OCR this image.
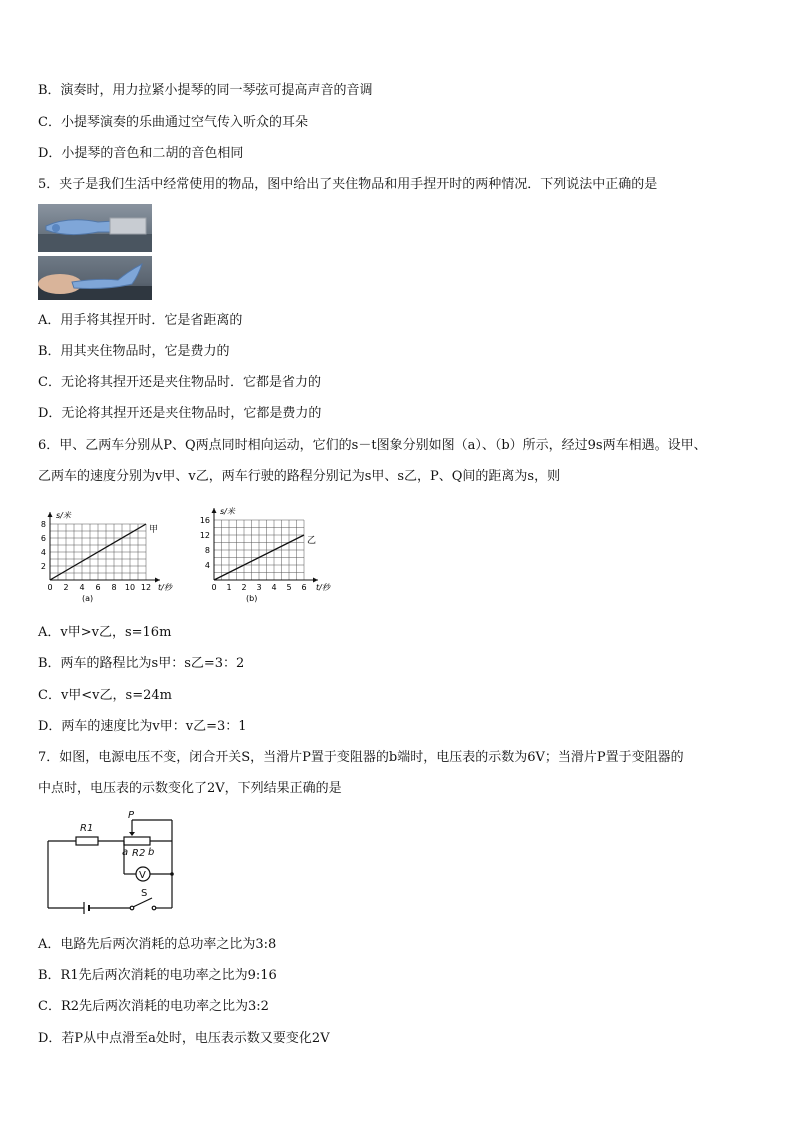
B．演奏时，用力拉紧小提琴的同一琴弦可提高声音的音调
C．小提琴演奏的乐曲通过空气传入听众的耳朵
D．小提琴的音色和二胡的音色相同
5．夹子是我们生活中经常使用的物品，图中给出了夹住物品和用手捏开时的两种情况．下列说法中正确的是
A．用手将其捏开时．它是省距离的
B．用其夹住物品时，它是费力的
C．无论将其捏开还是夹住物品时．它都是省力的
D．无论将其捏开还是夹住物品时，它都是费力的
6．甲、乙两车分别从P、Q两点同时相向运动，它们的s－t图象分别如图（a）、（b）所示，经过9s两车相遇。设甲、
乙两车的速度分别为v甲、v乙，两车行驶的路程分别记为s甲、s乙，P、Q间的距离为s，则
0 2 4 6 8 10 12
2
4
6
8
甲
s/米
t/秒
(a)
0 1 2 3 4 5 6
4
8
12
16
乙
s/米
t/秒
(b)
A．v甲>v乙，s=16m
B．两车的路程比为s甲：s乙=3：2
C．v甲<v乙，s=24m
D．两车的速度比为v甲：v乙=3：1
7．如图，电源电压不变，闭合开关S，当滑片P置于变阻器的b端时，电压表的示数为6V；当滑片P置于变阻器的
中点时，电压表的示数变化了2V，下列结果正确的是
R1
P
a R2 b
V
S
A．电路先后两次消耗的总功率之比为3:8
B．R1先后两次消耗的电功率之比为9:16
C．R2先后两次消耗的电功率之比为3:2
D．若P从中点滑至a处时，电压表示数又要变化2V
